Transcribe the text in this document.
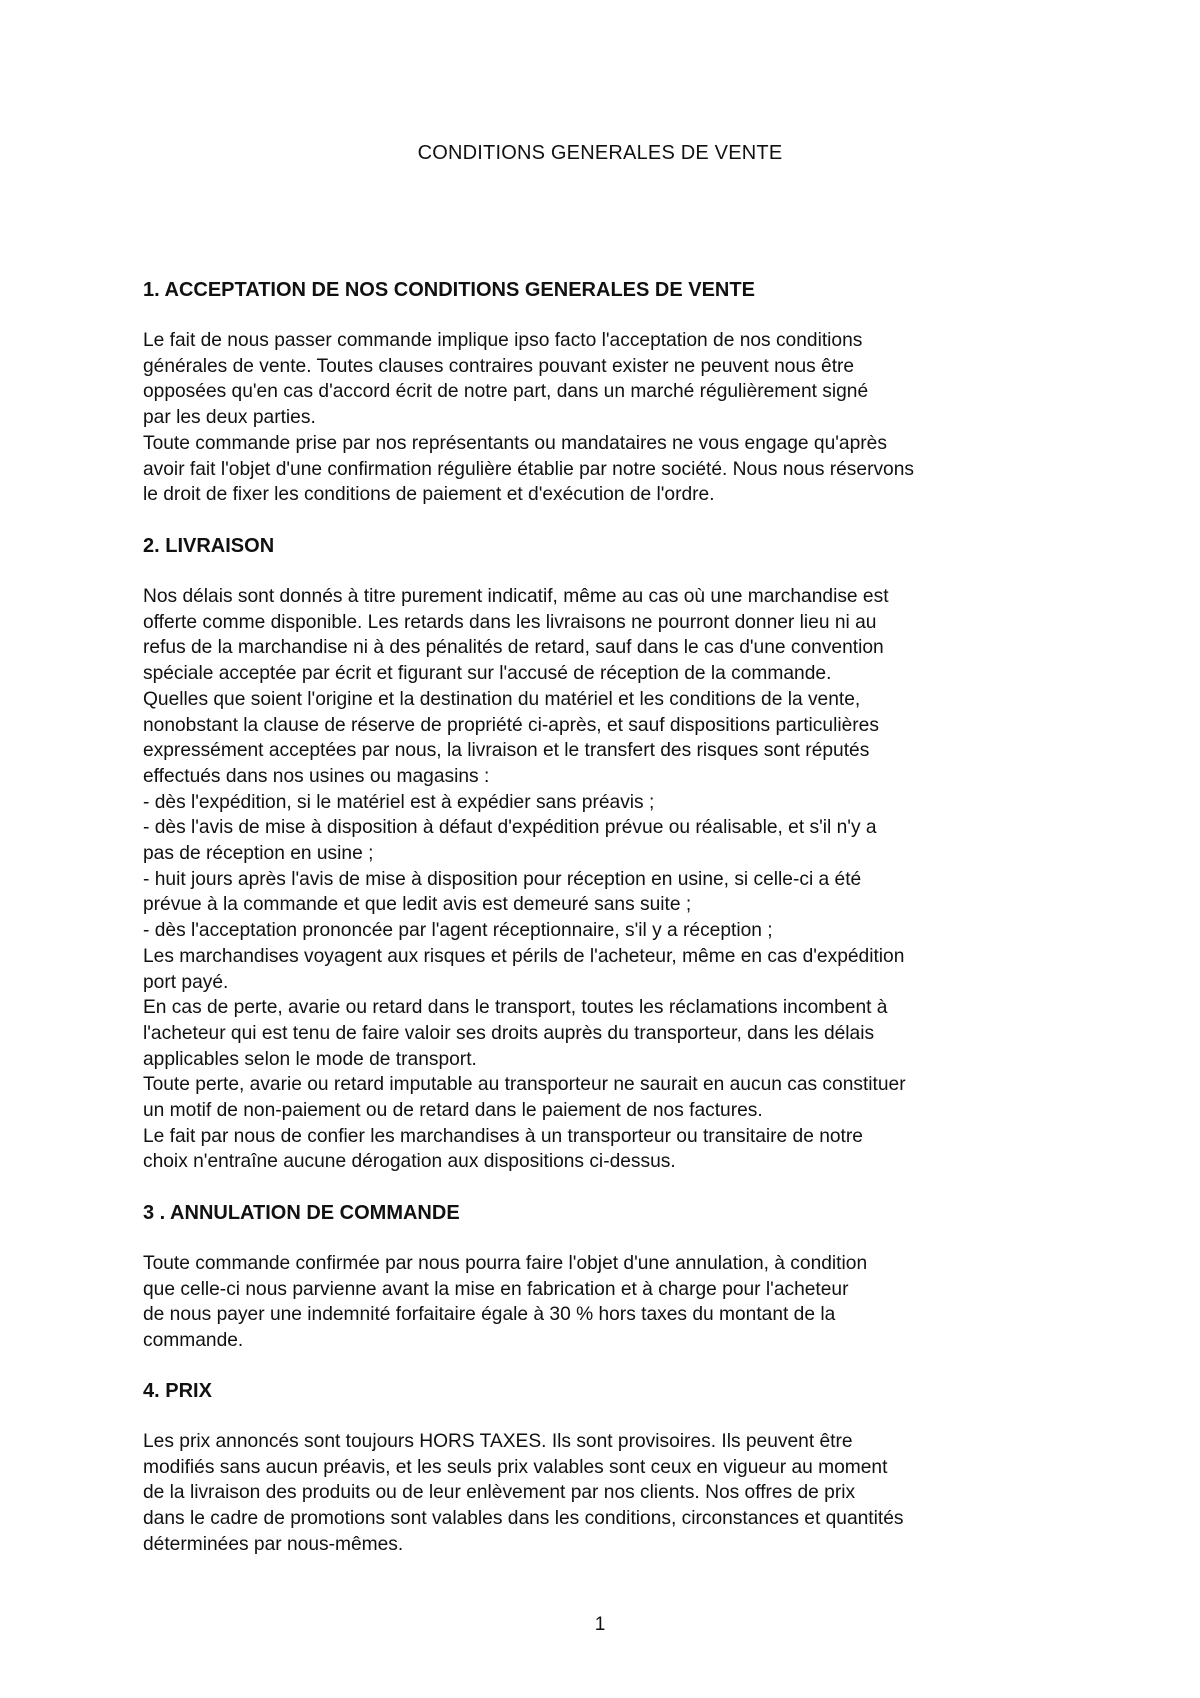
CONDITIONS GENERALES DE VENTE
1. ACCEPTATION DE NOS CONDITIONS GENERALES DE VENTE
Le fait de nous passer commande implique ipso facto l'acceptation de nos conditions
générales de vente. Toutes clauses contraires pouvant exister ne peuvent nous être
opposées qu'en cas d'accord écrit de notre part, dans un marché régulièrement signé
par les deux parties.
Toute commande prise par nos représentants ou mandataires ne vous engage qu'après
avoir fait l'objet d'une confirmation régulière établie par notre société. Nous nous réservons
le droit de fixer les conditions de paiement et d'exécution de l'ordre.
2. LIVRAISON
Nos délais sont donnés à titre purement indicatif, même au cas où une marchandise est
offerte comme disponible. Les retards dans les livraisons ne pourront donner lieu ni au
refus de la marchandise ni à des pénalités de retard, sauf dans le cas d'une convention
spéciale acceptée par écrit et figurant sur l'accusé de réception de la commande.
Quelles que soient l'origine et la destination du matériel et les conditions de la vente,
nonobstant la clause de réserve de propriété ci-après, et sauf dispositions particulières
expressément acceptées par nous, la livraison et le transfert des risques sont réputés
effectués dans nos usines ou magasins :
- dès l'expédition, si le matériel est à expédier sans préavis ;
- dès l'avis de mise à disposition à défaut d'expédition prévue ou réalisable, et s'il n'y a
pas de réception en usine ;
- huit jours après l'avis de mise à disposition pour réception en usine, si celle-ci a été
prévue à la commande et que ledit avis est demeuré sans suite ;
- dès l'acceptation prononcée par l'agent réceptionnaire, s'il y a réception ;
Les marchandises voyagent aux risques et périls de l'acheteur, même en cas d'expédition
port payé.
En cas de perte, avarie ou retard dans le transport, toutes les réclamations incombent à
l'acheteur qui est tenu de faire valoir ses droits auprès du transporteur, dans les délais
applicables selon le mode de transport.
Toute perte, avarie ou retard imputable au transporteur ne saurait en aucun cas constituer
un motif de non-paiement ou de retard dans le paiement de nos factures.
Le fait par nous de confier les marchandises à un transporteur ou transitaire de notre
choix n'entraîne aucune dérogation aux dispositions ci-dessus.
3 . ANNULATION DE COMMANDE
Toute commande confirmée par nous pourra faire l'objet d'une annulation, à condition
que celle-ci nous parvienne avant la mise en fabrication et à charge pour l'acheteur
de nous payer une indemnité forfaitaire égale à 30 % hors taxes du montant de la
commande.
4. PRIX
Les prix annoncés sont toujours HORS TAXES. Ils sont provisoires. Ils peuvent être
modifiés sans aucun préavis, et les seuls prix valables sont ceux en vigueur au moment
de la livraison des produits ou de leur enlèvement par nos clients. Nos offres de prix
dans le cadre de promotions sont valables dans les conditions, circonstances et quantités
déterminées par nous-mêmes.
1
